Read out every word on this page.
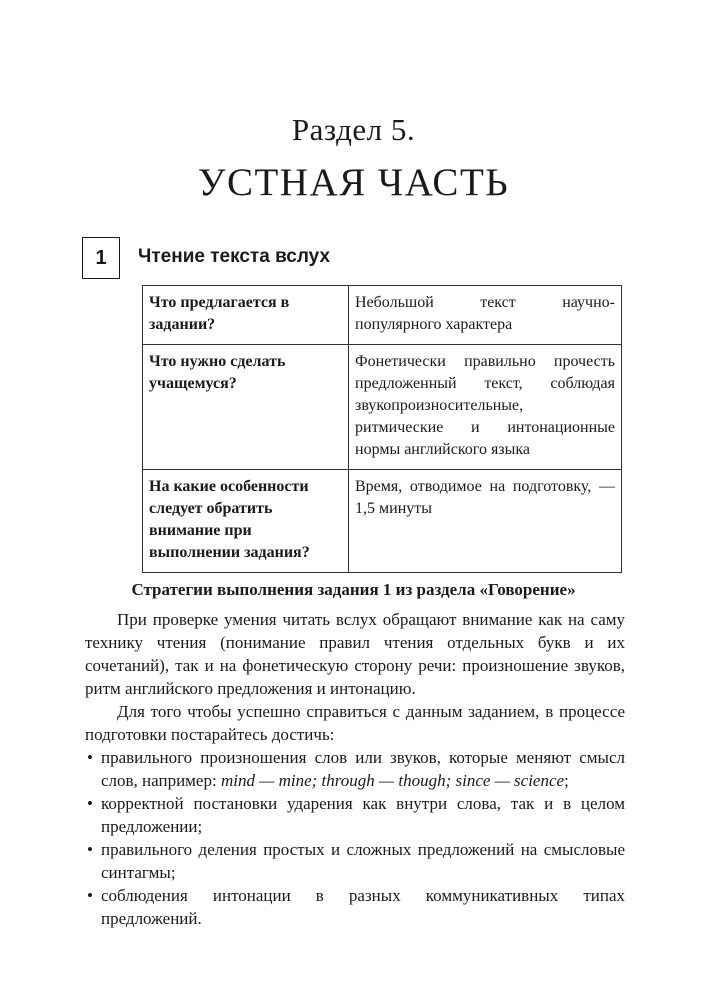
Раздел 5.
УСТНАЯ ЧАСТЬ
1	Чтение текста вслух
Что предлагается в задании?	Небольшой текст научно-популярного характера
Что нужно сделать учащемуся?	Фонетически правильно прочесть предложенный текст, соблюдая звукопроизносительные, ритмические и интонационные нормы английского языка
На какие особенности следует обратить внимание при выполнении задания?	Время, отводимое на подготовку, — 1,5 минуты
Стратегии выполнения задания 1 из раздела «Говорение»

При проверке умения читать вслух обращают внимание как на саму технику чтения (понимание правил чтения отдельных букв и их сочетаний), так и на фонетическую сторону речи: произношение звуков, ритм английского предложения и интонацию.

Для того чтобы успешно справиться с данным заданием, в процессе подготовки постарайтесь достичь:

• правильного произношения слов или звуков, которые меняют смысл слов, например: mind — mine; through — though; since — science;
• корректной постановки ударения как внутри слова, так и в целом предложении;
• правильного деления простых и сложных предложений на смысловые синтагмы;
• соблюдения интонации в разных коммуникативных типах предложений.
